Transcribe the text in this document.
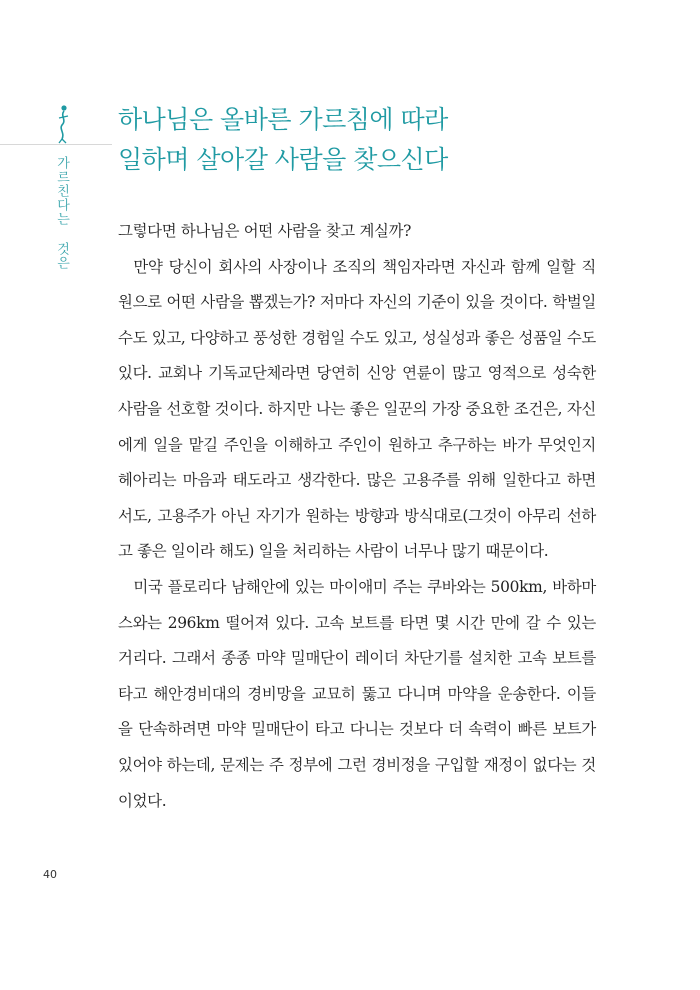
가르친다는 것은
하나님은 올바른 가르침에 따라
일하며 살아갈 사람을 찾으신다

그렇다면 하나님은 어떤 사람을 찾고 계실까?

만약 당신이 회사의 사장이나 조직의 책임자라면 자신과 함께 일할 직원으로 어떤 사람을 뽑겠는가? 저마다 자신의 기준이 있을 것이다. 학벌일 수도 있고, 다양하고 풍성한 경험일 수도 있고, 성실성과 좋은 성품일 수도 있다. 교회나 기독교단체라면 당연히 신앙 연륜이 많고 영적으로 성숙한 사람을 선호할 것이다. 하지만 나는 좋은 일꾼의 가장 중요한 조건은, 자신에게 일을 맡길 주인을 이해하고 주인이 원하고 추구하는 바가 무엇인지 헤아리는 마음과 태도라고 생각한다. 많은 고용주를 위해 일한다고 하면서도, 고용주가 아닌 자기가 원하는 방향과 방식대로(그것이 아무리 선하고 좋은 일이라 해도) 일을 처리하는 사람이 너무나 많기 때문이다.

미국 플로리다 남해안에 있는 마이애미 주는 쿠바와는 500km, 바하마스와는 296km 떨어져 있다. 고속 보트를 타면 몇 시간 만에 갈 수 있는 거리다. 그래서 종종 마약 밀매단이 레이더 차단기를 설치한 고속 보트를 타고 해안경비대의 경비망을 교묘히 뚫고 다니며 마약을 운송한다. 이들을 단속하려면 마약 밀매단이 타고 다니는 것보다 더 속력이 빠른 보트가 있어야 하는데, 문제는 주 정부에 그런 경비정을 구입할 재정이 없다는 것이었다.

40
